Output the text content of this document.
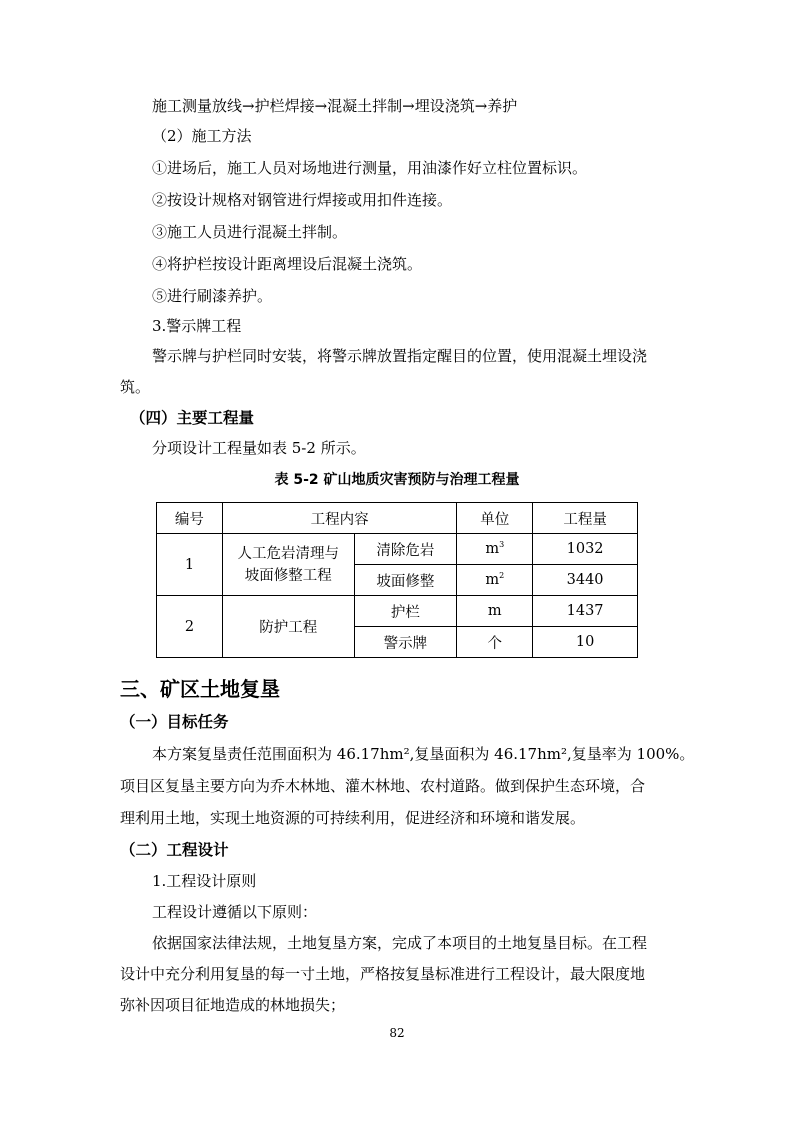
施工测量放线→护栏焊接→混凝土拌制→埋设浇筑→养护
（2）施工方法
①进场后，施工人员对场地进行测量，用油漆作好立柱位置标识。
②按设计规格对钢管进行焊接或用扣件连接。
③施工人员进行混凝土拌制。
④将护栏按设计距离埋设后混凝土浇筑。
⑤进行刷漆养护。
3.警示牌工程
警示牌与护栏同时安装，将警示牌放置指定醒目的位置，使用混凝土埋设浇
筑。
（四）主要工程量
分项设计工程量如表 5-2 所示。
表 5-2 矿山地质灾害预防与治理工程量
编号	工程内容		单位	工程量
1	人工危岩清理与
坡面修整工程	清除危岩	$m^3$	1032
		坡面修整	$m^2$	3440
2	防护工程	护栏	m	1437
		警示牌	个	10
三、矿区土地复垦
（一）目标任务
本方案复垦责任范围面积为 46.17hm²,复垦面积为 46.17hm²,复垦率为 100%。
项目区复垦主要方向为乔木林地、灌木林地、农村道路。做到保护生态环境，合
理利用土地，实现土地资源的可持续利用，促进经济和环境和谐发展。
（二）工程设计
1.工程设计原则
工程设计遵循以下原则：
依据国家法律法规，土地复垦方案，完成了本项目的土地复垦目标。在工程
设计中充分利用复垦的每一寸土地，严格按复垦标准进行工程设计，最大限度地
弥补因项目征地造成的林地损失；
82
